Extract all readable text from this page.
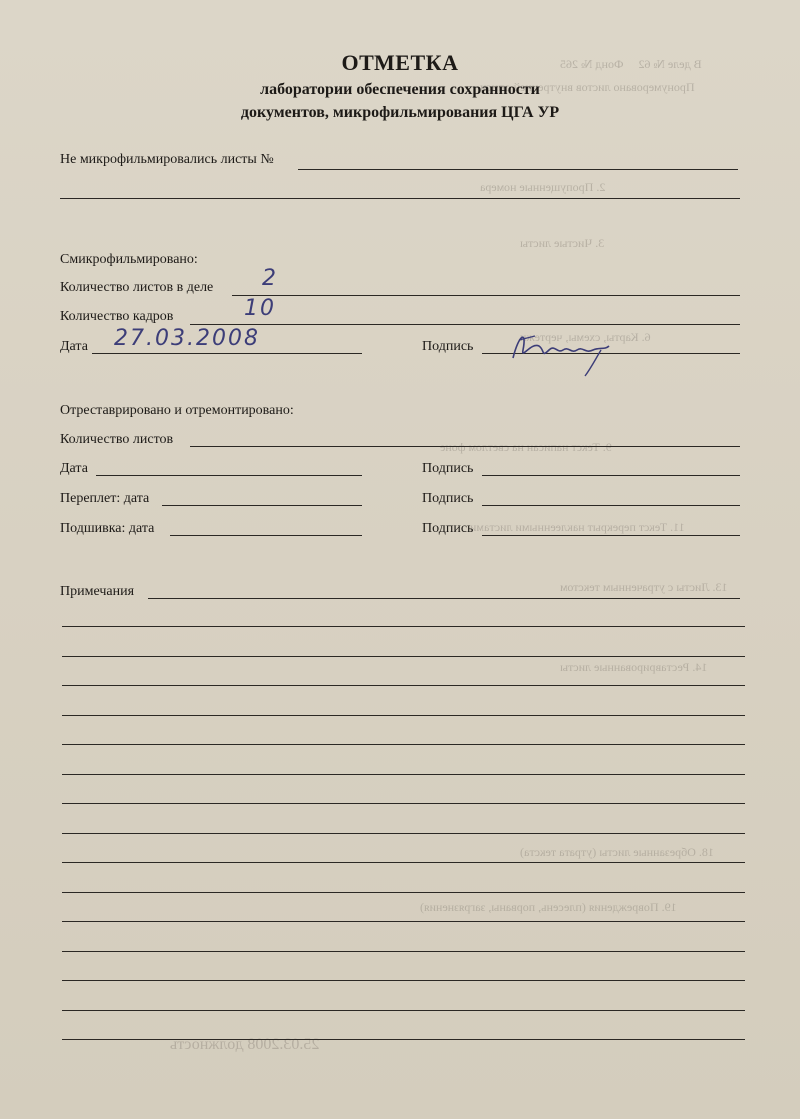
В деле № 62     Фонд № 265
Пронумеровано листов внутренней описи
2. Пропущенные номера
3. Чистые листы
6. Карты, схемы, чертежи
9. Текст написан на светлом фоне
11. Текст перекрыт наклеенными листами
13. Листы с утраченным текстом
14. Реставрированные листы
18. Обрезанные листы (утрата текста)
19. Повреждения (плесень, порваны, загрязнения)
ОТМЕТКА
лаборатории обеспечения сохранности
документов, микрофильмирования ЦГА УР
Не микрофильмировались листы №
Смикрофильмировано:
Количество листов в деле 2
Количество кадров	10
Дата 27.03.2008	Подпись
Отреставрировано и отремонтировано:
Количество листов
Дата	Подпись
Переплет: дата	Подпись
Подшивка: дата	Подпись
Примечания
25.03.2008 должность
